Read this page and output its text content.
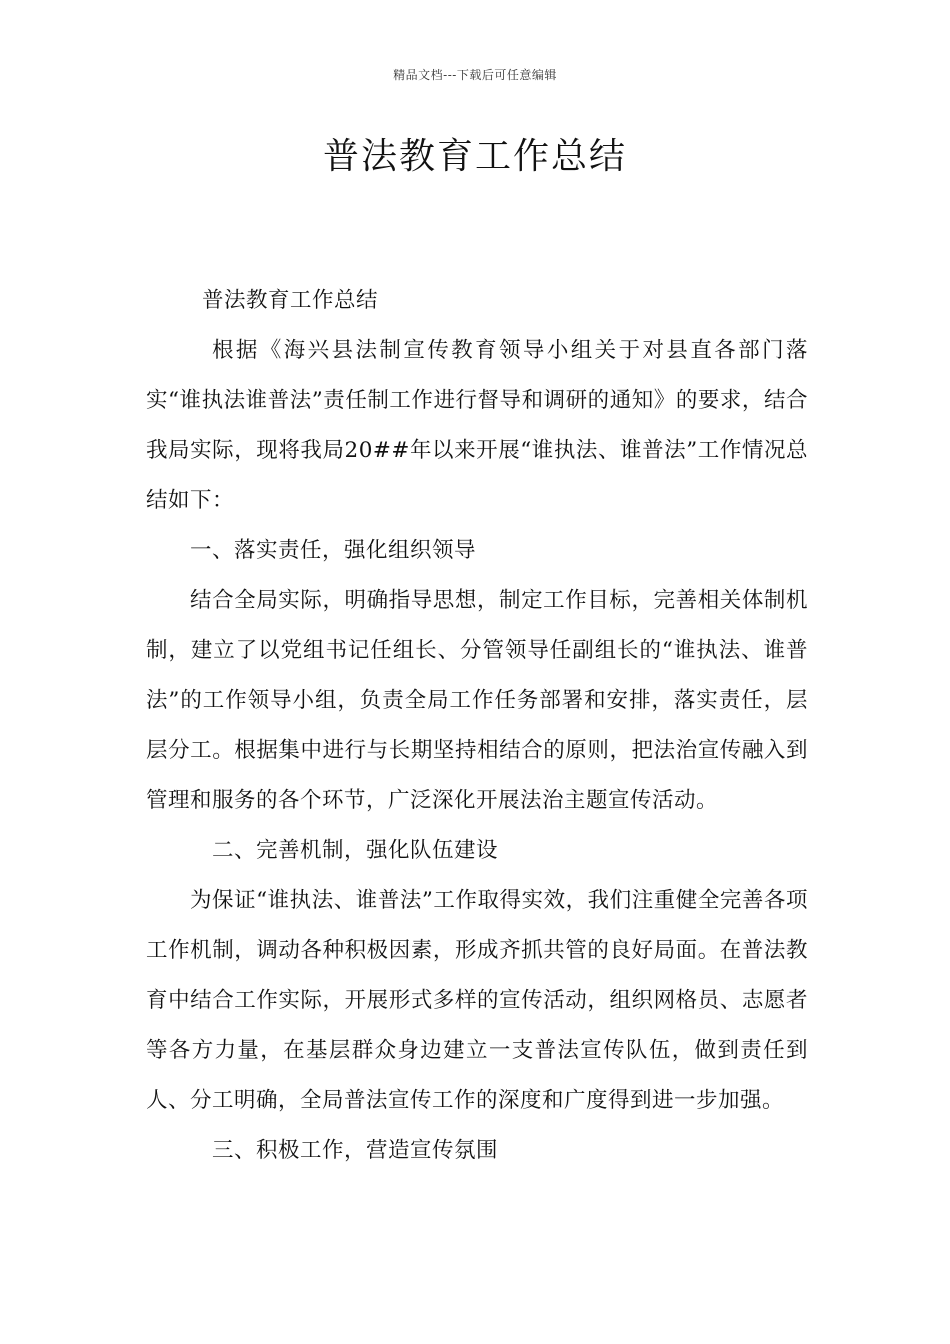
精品文档---下载后可任意编辑
普法教育工作总结

普法教育工作总结

根据《海兴县法制宣传教育领导小组关于对县直各部门落实“谁执法谁普法”责任制工作进行督导和调研的通知》的要求，结合我局实际，现将我局20##年以来开展“谁执法、谁普法”工作情况总结如下：

一、落实责任，强化组织领导

结合全局实际，明确指导思想，制定工作目标，完善相关体制机制，建立了以党组书记任组长、分管领导任副组长的“谁执法、谁普法”的工作领导小组，负责全局工作任务部署和安排，落实责任，层层分工。根据集中进行与长期坚持相结合的原则，把法治宣传融入到管理和服务的各个环节，广泛深化开展法治主题宣传活动。

二、完善机制，强化队伍建设

为保证“谁执法、谁普法”工作取得实效，我们注重健全完善各项工作机制，调动各种积极因素，形成齐抓共管的良好局面。在普法教育中结合工作实际，开展形式多样的宣传活动，组织网格员、志愿者等各方力量，在基层群众身边建立一支普法宣传队伍，做到责任到人、分工明确，全局普法宣传工作的深度和广度得到进一步加强。

三、积极工作，营造宣传氛围
